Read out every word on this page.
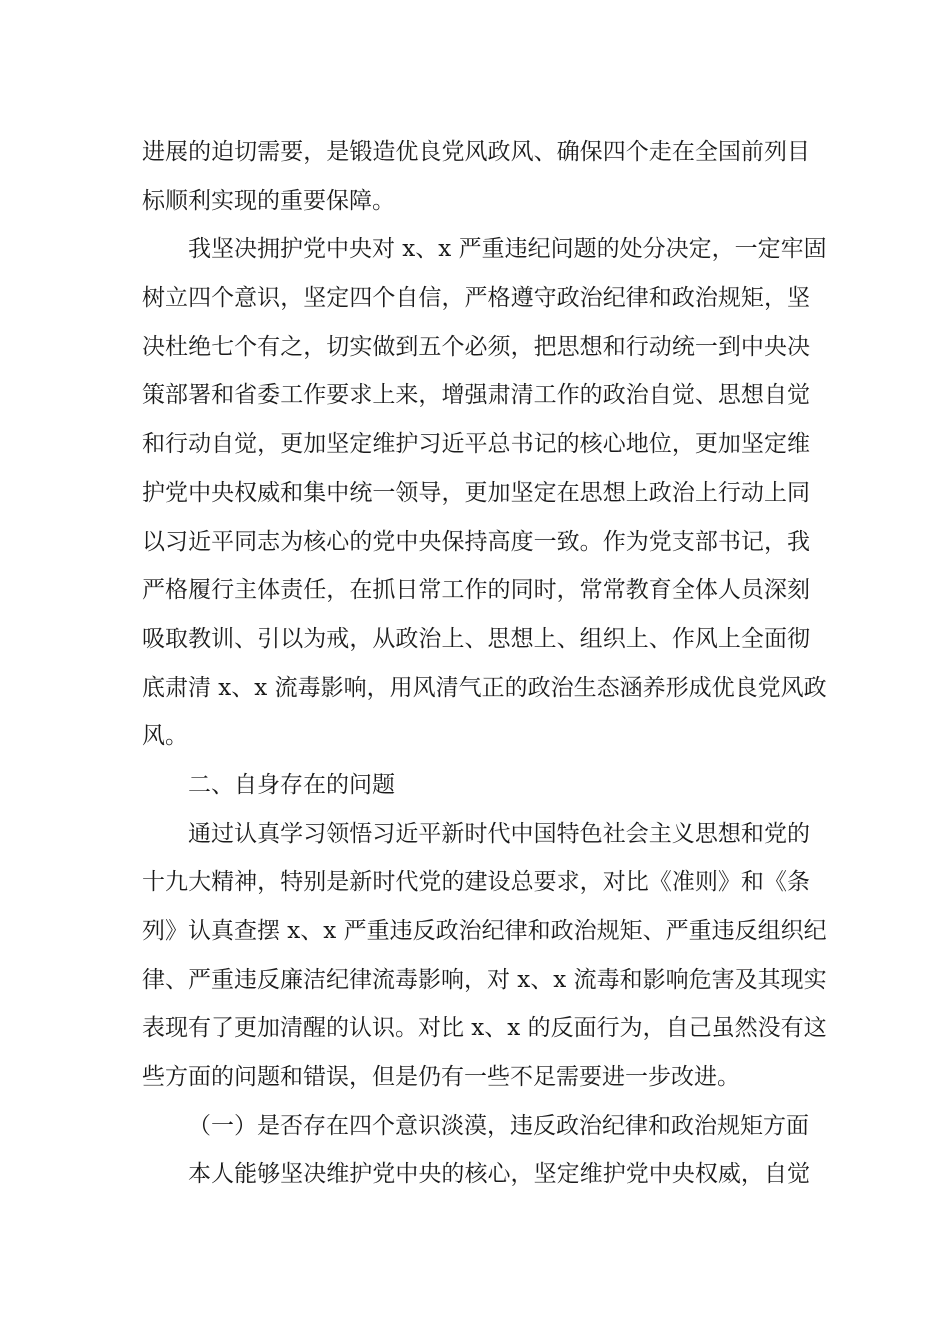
进展的迫切需要，是锻造优良党风政风、确保四个走在全国前列目
标顺利实现的重要保障。
我坚决拥护党中央对 x、x 严重违纪问题的处分决定，一定牢固
树立四个意识，坚定四个自信，严格遵守政治纪律和政治规矩，坚
决杜绝七个有之，切实做到五个必须，把思想和行动统一到中央决
策部署和省委工作要求上来，增强肃清工作的政治自觉、思想自觉
和行动自觉，更加坚定维护习近平总书记的核心地位，更加坚定维
护党中央权威和集中统一领导，更加坚定在思想上政治上行动上同
以习近平同志为核心的党中央保持高度一致。作为党支部书记，我
严格履行主体责任，在抓日常工作的同时，常常教育全体人员深刻
吸取教训、引以为戒，从政治上、思想上、组织上、作风上全面彻
底肃清 x、x 流毒影响，用风清气正的政治生态涵养形成优良党风政
风。
二、自身存在的问题
通过认真学习领悟习近平新时代中国特色社会主义思想和党的
十九大精神，特别是新时代党的建设总要求，对比《准则》和《条
列》认真查摆 x、x 严重违反政治纪律和政治规矩、严重违反组织纪
律、严重违反廉洁纪律流毒影响，对 x、x 流毒和影响危害及其现实
表现有了更加清醒的认识。对比 x、x 的反面行为，自己虽然没有这
些方面的问题和错误，但是仍有一些不足需要进一步改进。
（一）是否存在四个意识淡漠，违反政治纪律和政治规矩方面
本人能够坚决维护党中央的核心，坚定维护党中央权威，自觉
